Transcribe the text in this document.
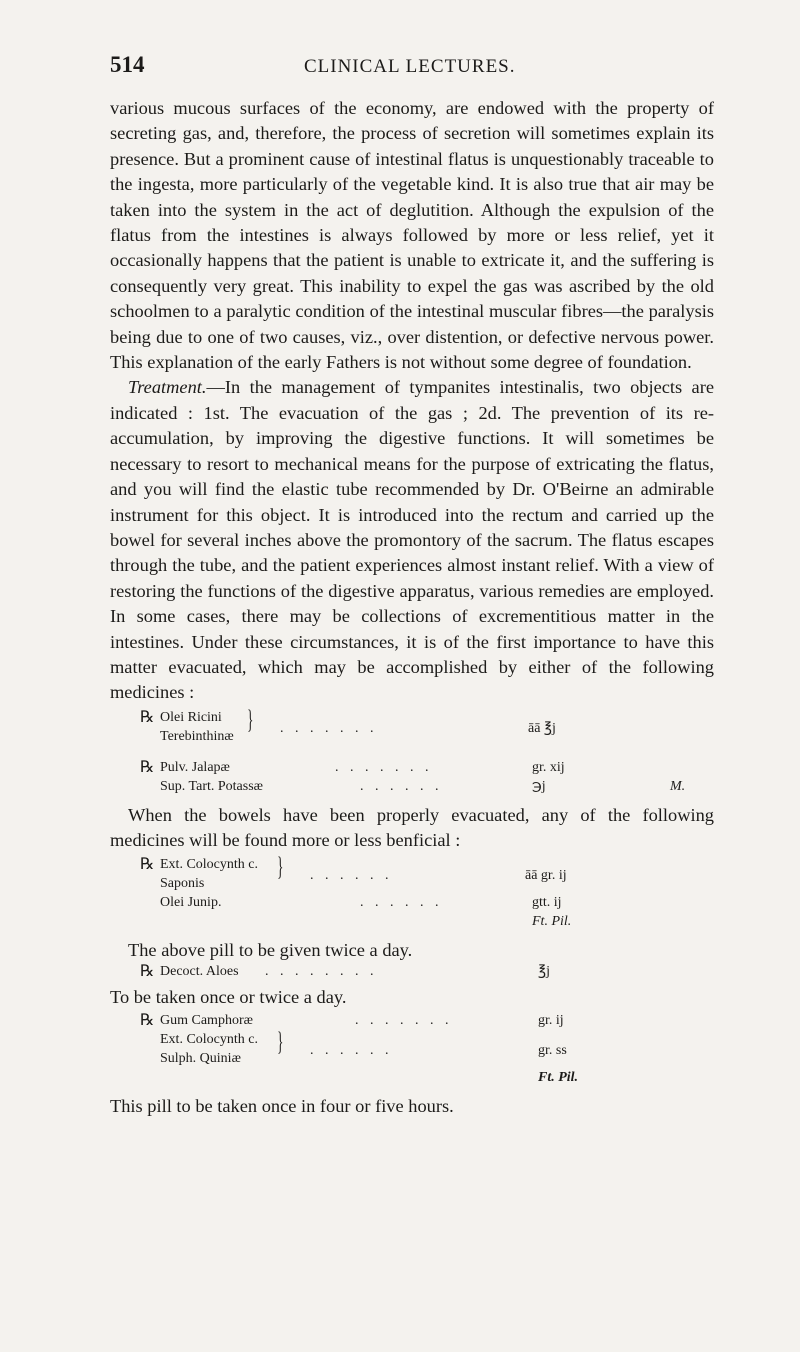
514	CLINICAL LECTURES.

various mucous surfaces of the economy, are endowed with the property of secreting gas, and, therefore, the process of secretion will sometimes explain its presence. But a prominent cause of intestinal flatus is unquestionably traceable to the ingesta, more particularly of the vegetable kind. It is also true that air may be taken into the system in the act of deglutition. Although the expulsion of the flatus from the intestines is always followed by more or less relief, yet it occasionally happens that the patient is unable to extricate it, and the suffering is consequently very great. This inability to expel the gas was ascribed by the old schoolmen to a paralytic condition of the intestinal muscular fibres—the paralysis being due to one of two causes, viz., over distention, or defective nervous power. This explanation of the early Fathers is not without some degree of foundation.

Treatment.—In the management of tympanites intestinalis, two objects are indicated : 1st. The evacuation of the gas ; 2d. The prevention of its re-accumulation, by improving the digestive functions. It will sometimes be necessary to resort to mechanical means for the purpose of extricating the flatus, and you will find the elastic tube recommended by Dr. O'Beirne an admirable instrument for this object. It is introduced into the rectum and carried up the bowel for several inches above the promontory of the sacrum. The flatus escapes through the tube, and the patient experiences almost instant relief. With a view of restoring the functions of the digestive apparatus, various remedies are employed. In some cases, there may be collections of excrementitious matter in the intestines. Under these circumstances, it is of the first importance to have this matter evacuated, which may be accomplished by either of the following medicines :

℞ Olei Ricini }
Terebinthinæ
. . . . . . .	āā ℥j
℞ Pulv. Jalapæ	. . . . . . .	gr. xij
Sup. Tart. Potassæ	. . . . . .	℈j	M.

When the bowels have been properly evacuated, any of the following medicines will be found more or less benficial :

℞ Ext. Colocynth c. }
Saponis
. . . . . .	āā gr. ij
Olei Junip.	. . . . . .	gtt. ij
Ft. Pil.

The above pill to be given twice a day.

℞ Decoct. Aloes . . . . . . . .	℥j

To be taken once or twice a day.

℞ Gum Camphoræ	. . . . . . .	gr. ij
Ext. Colocynth c. }
Sulph. Quiniæ
. . . . . .	gr. ss
Ft. Pil.

This pill to be taken once in four or five hours.
